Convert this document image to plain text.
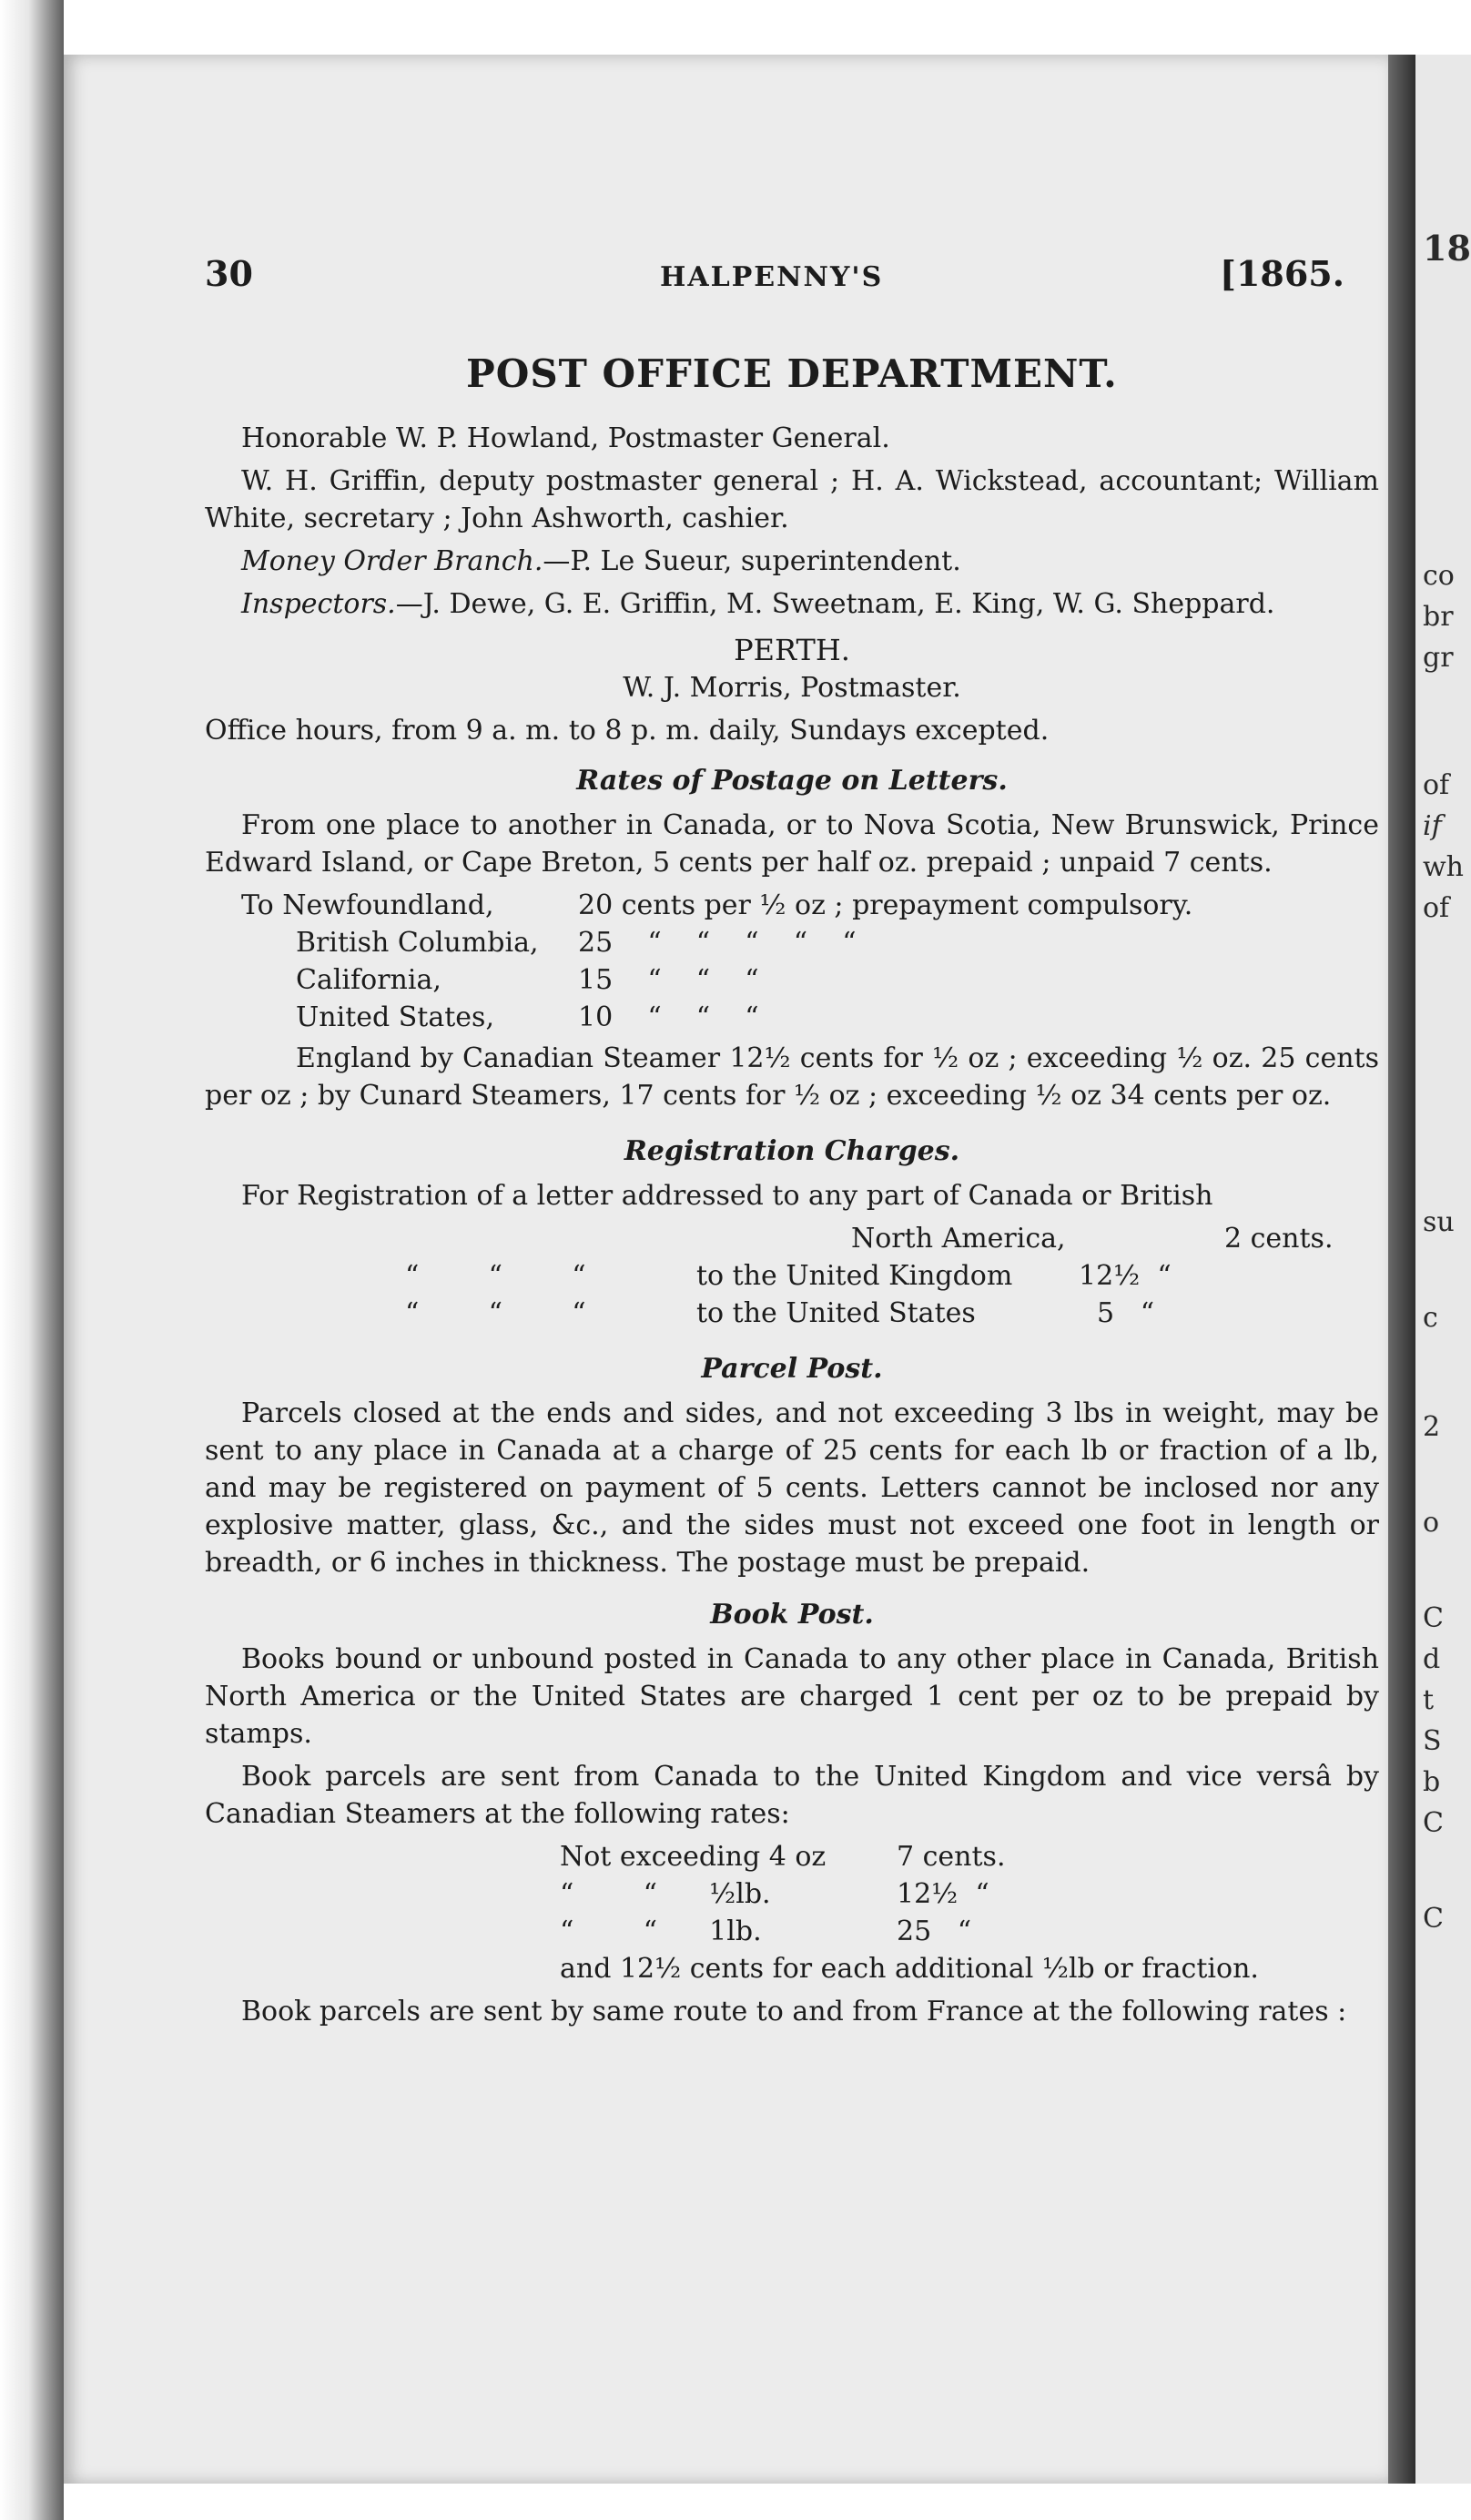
18
co
br
gr
of
if
wh
of
su
c
2
o
C
d
t
S
b
C
C
30	HALPENNY'S	[1865.
POST OFFICE DEPARTMENT.

Honorable W. P. Howland, Postmaster General.

W. H. Griffin, deputy postmaster general ; H. A. Wickstead, accountant; William White, secretary ; John Ashworth, cashier.

Money Order Branch.—P. Le Sueur, superintendent.

Inspectors.—J. Dewe, G. E. Griffin, M. Sweetnam, E. King, W. G. Sheppard.

PERTH.
W. J. Morris, Postmaster.

Office hours, from 9 a. m. to 8 p. m. daily, Sundays excepted.

Rates of Postage on Letters.

From one place to another in Canada, or to Nova Scotia, New Brunswick, Prince Edward Island, or Cape Breton, 5 cents per half oz. prepaid ; unpaid 7 cents.

To Newfoundland,	20 cents per ½ oz ; prepayment compulsory.
British Columbia,	25    “    “    “    “    “
California,	15    “    “    “
United States,	10    “    “    “

England by Canadian Steamer 12½ cents for ½ oz ; exceeding ½ oz. 25 cents per oz ; by Cunard Steamers, 17 cents for ½ oz ; exceeding ½ oz 34 cents per oz.

Registration Charges.

For Registration of a letter addressed to any part of Canada or British

North America,	2 cents.
“        “        “	to the United Kingdom	12½  “
“        “        “	to the United States	5   “
Parcel Post.

Parcels closed at the ends and sides, and not exceeding 3 lbs in weight, may be sent to any place in Canada at a charge of 25 cents for each lb or fraction of a lb, and may be registered on payment of 5 cents. Letters cannot be inclosed nor any explosive matter, glass, &c., and the sides must not exceed one foot in length or breadth, or 6 inches in thickness. The postage must be prepaid.

Book Post.

Books bound or unbound posted in Canada to any other place in Canada, British North America or the United States are charged 1 cent per oz to be prepaid by stamps.

Book parcels are sent from Canada to the United Kingdom and vice versâ by Canadian Steamers at the following rates:

Not exceeding 4 oz	7 cents.
“        “      ½lb.	12½  “
“        “      1lb.	25   “
and 12½ cents for each additional ½lb or fraction.

Book parcels are sent by same route to and from France at the following rates :
